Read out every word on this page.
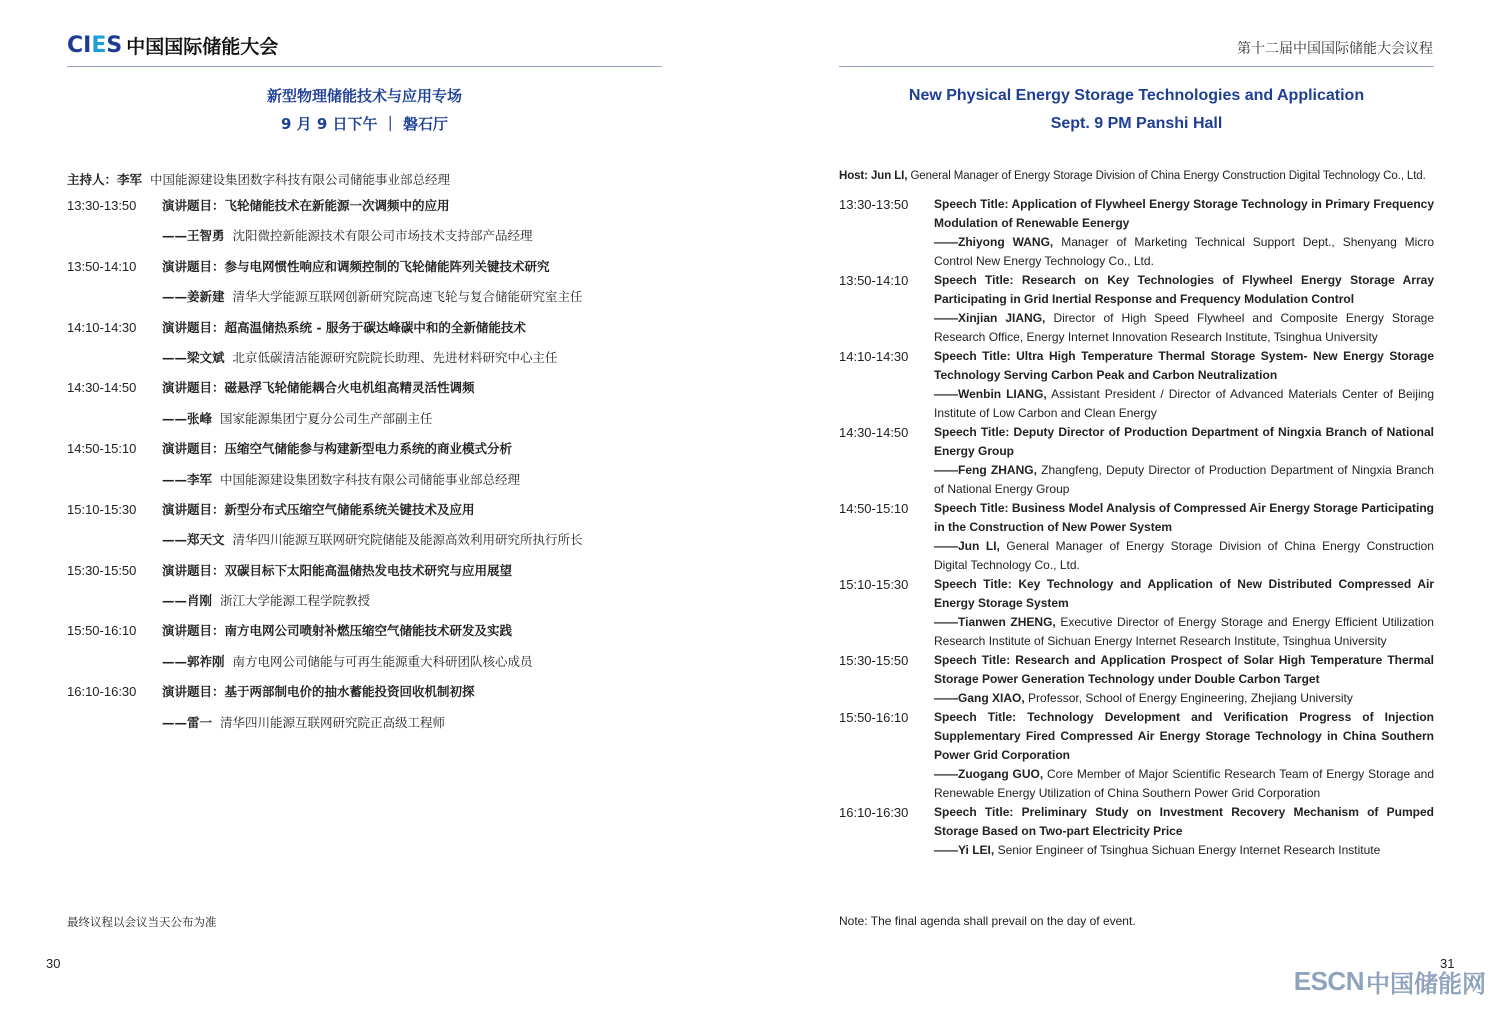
CIES 中国国际储能大会
新型物理储能技术与应用专场
9 月 9 日下午 ｜ 磐石厅
主持人：李军 中国能源建设集团数字科技有限公司储能事业部总经理
13:30-13:50 演讲题目：飞轮储能技术在新能源一次调频中的应用
——王智勇 沈阳微控新能源技术有限公司市场技术支持部产品经理
13:50-14:10 演讲题目：参与电网惯性响应和调频控制的飞轮储能阵列关键技术研究
——姜新建 清华大学能源互联网创新研究院高速飞轮与复合储能研究室主任
14:10-14:30 演讲题目：超高温储热系统 - 服务于碳达峰碳中和的全新储能技术
——梁文斌 北京低碳清洁能源研究院院长助理、先进材料研究中心主任
14:30-14:50 演讲题目：磁悬浮飞轮储能耦合火电机组高精灵活性调频
——张峰 国家能源集团宁夏分公司生产部副主任
14:50-15:10 演讲题目：压缩空气储能参与构建新型电力系统的商业模式分析
——李军 中国能源建设集团数字科技有限公司储能事业部总经理
15:10-15:30 演讲题目：新型分布式压缩空气储能系统关键技术及应用
——郑天文 清华四川能源互联网研究院储能及能源高效利用研究所执行所长
15:30-15:50 演讲题目：双碳目标下太阳能高温储热发电技术研究与应用展望
——肖刚 浙江大学能源工程学院教授
15:50-16:10 演讲题目：南方电网公司喷射补燃压缩空气储能技术研发及实践
——郭祚刚 南方电网公司储能与可再生能源重大科研团队核心成员
16:10-16:30 演讲题目：基于两部制电价的抽水蓄能投资回收机制初探
——雷一 清华四川能源互联网研究院正高级工程师
最终议程以会议当天公布为准
30
第十二届中国国际储能大会议程
New Physical Energy Storage Technologies and Application
Sept. 9 PM Panshi Hall
Host: Jun LI, General Manager of Energy Storage Division of China Energy Construction Digital Technology Co., Ltd.
13:30-13:50 Speech Title: Application of Flywheel Energy Storage Technology in Primary Frequency Modulation of Renewable Eenergy
——Zhiyong WANG, Manager of Marketing Technical Support Dept., Shenyang Micro Control New Energy Technology Co., Ltd.
13:50-14:10 Speech Title: Research on Key Technologies of Flywheel Energy Storage Array Participating in Grid Inertial Response and Frequency Modulation Control
——Xinjian JIANG, Director of High Speed Flywheel and Composite Energy Storage Research Office, Energy Internet Innovation Research Institute, Tsinghua University
14:10-14:30 Speech Title: Ultra High Temperature Thermal Storage System- New Energy Storage Technology Serving Carbon Peak and Carbon Neutralization
——Wenbin LIANG, Assistant President / Director of Advanced Materials Center of Beijing Institute of Low Carbon and Clean Energy
14:30-14:50 Speech Title: Deputy Director of Production Department of Ningxia Branch of National Energy Group
——Feng ZHANG, Zhangfeng, Deputy Director of Production Department of Ningxia Branch of National Energy Group
14:50-15:10 Speech Title: Business Model Analysis of Compressed Air Energy Storage Participating in the Construction of New Power System
——Jun LI, General Manager of Energy Storage Division of China Energy Construction Digital Technology Co., Ltd.
15:10-15:30 Speech Title: Key Technology and Application of New Distributed Compressed Air Energy Storage System
——Tianwen ZHENG, Executive Director of Energy Storage and Energy Efficient Utilization Research Institute of Sichuan Energy Internet Research Institute, Tsinghua University
15:30-15:50 Speech Title: Research and Application Prospect of Solar High Temperature Thermal Storage Power Generation Technology under Double Carbon Target
——Gang XIAO, Professor, School of Energy Engineering, Zhejiang University
15:50-16:10 Speech Title: Technology Development and Verification Progress of Injection Supplementary Fired Compressed Air Energy Storage Technology in China Southern Power Grid Corporation
——Zuogang GUO, Core Member of Major Scientific Research Team of Energy Storage and Renewable Energy Utilization of China Southern Power Grid Corporation
16:10-16:30 Speech Title: Preliminary Study on Investment Recovery Mechanism of Pumped Storage Based on Two-part Electricity Price
——Yi LEI, Senior Engineer of Tsinghua Sichuan Energy Internet Research Institute
Note: The final agenda shall prevail on the day of event.
31
ESCN 中国储能网
